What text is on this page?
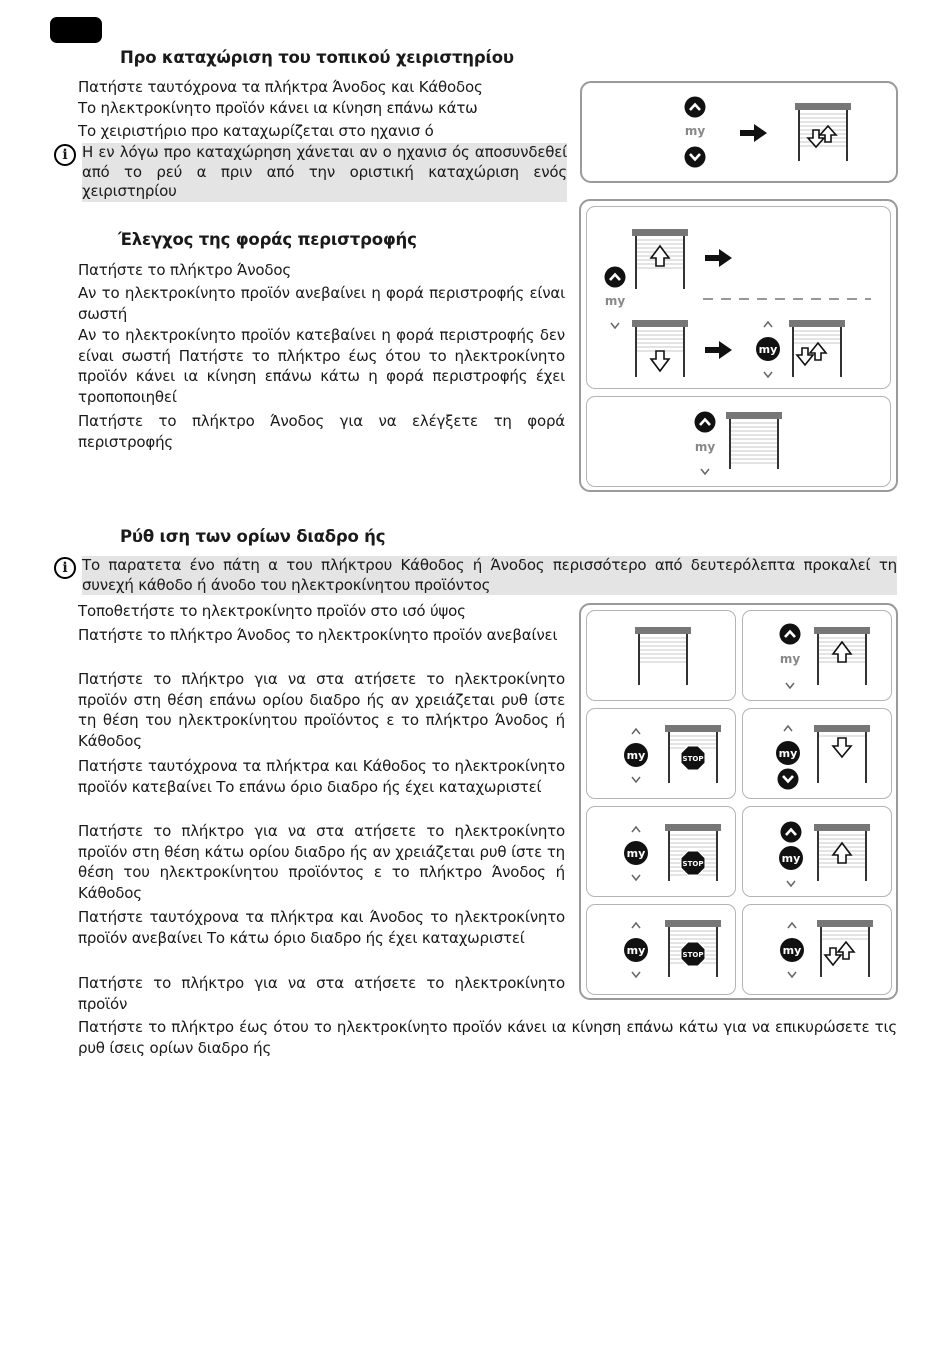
Προ καταχώριση του τοπικού χειριστηρίου
Πατήστε ταυτόχρονα τα πλήκτρα Άνοδος και Κάθοδος
Το ηλεκτροκίνητο προϊόν κάνει ια κίνηση επάνω κάτω
Το χειριστήριο προ καταχωρίζεται στο ηχανισ ό
i Η εν λόγω προ καταχώρηση χάνεται αν ο ηχανισ ός αποσυνδεθεί από το ρεύ α πριν από την οριστική καταχώριση ενός χειριστηρίου
Έλεγχος της φοράς περιστροφής
Πατήστε το πλήκτρο Άνοδος
Αν το ηλεκτροκίνητο προϊόν ανεβαίνει η φορά περιστροφής είναι σωστή
Αν το ηλεκτροκίνητο προϊόν κατεβαίνει η φορά περιστροφής δεν είναι σωστή Πατήστε το πλήκτρο έως ότου το ηλεκτροκίνητο προϊόν κάνει ια κίνηση επάνω κάτω η φορά περιστροφής έχει τροποποιηθεί
Πατήστε το πλήκτρο Άνοδος για να ελέγξετε τη φορά περιστροφής
Ρύθ ιση των ορίων διαδρο ής
i Το παρατετα ένο πάτη α του πλήκτρου Κάθοδος ή Άνοδος περισσότερο από δευτερόλεπτα προκαλεί τη συνεχή κάθοδο ή άνοδο του ηλεκτροκίνητου προϊόντος
Τοποθετήστε το ηλεκτροκίνητο προϊόν στο ισό ύψος
Πατήστε το πλήκτρο Άνοδος το ηλεκτροκίνητο προϊόν ανεβαίνει
Πατήστε το πλήκτρο για να στα ατήσετε το ηλεκτροκίνητο προϊόν στη θέση επάνω ορίου διαδρο ής αν χρειάζεται ρυθ ίστε τη θέση του ηλεκτροκίνητου προϊόντος ε το πλήκτρο Άνοδος ή Κάθοδος
Πατήστε ταυτόχρονα τα πλήκτρα και Κάθοδος το ηλεκτροκίνητο προϊόν κατεβαίνει Το επάνω όριο διαδρο ής έχει καταχωριστεί
Πατήστε το πλήκτρο για να στα ατήσετε το ηλεκτροκίνητο προϊόν στη θέση κάτω ορίου διαδρο ής αν χρειάζεται ρυθ ίστε τη θέση του ηλεκτροκίνητου προϊόντος ε το πλήκτρο Άνοδος ή Κάθοδος
Πατήστε ταυτόχρονα τα πλήκτρα και Άνοδος το ηλεκτροκίνητο προϊόν ανεβαίνει Το κάτω όριο διαδρο ής έχει καταχωριστεί
Πατήστε το πλήκτρο για να στα ατήσετε το ηλεκτροκίνητο προϊόν
Πατήστε το πλήκτρο έως ότου το ηλεκτροκίνητο προϊόν κάνει ια κίνηση επάνω κάτω για να επικυρώσετε τις ρυθ ίσεις ορίων διαδρο ής
my
my
my
my
my
my	STOP	my
my
STOP	my
my	STOP	my
